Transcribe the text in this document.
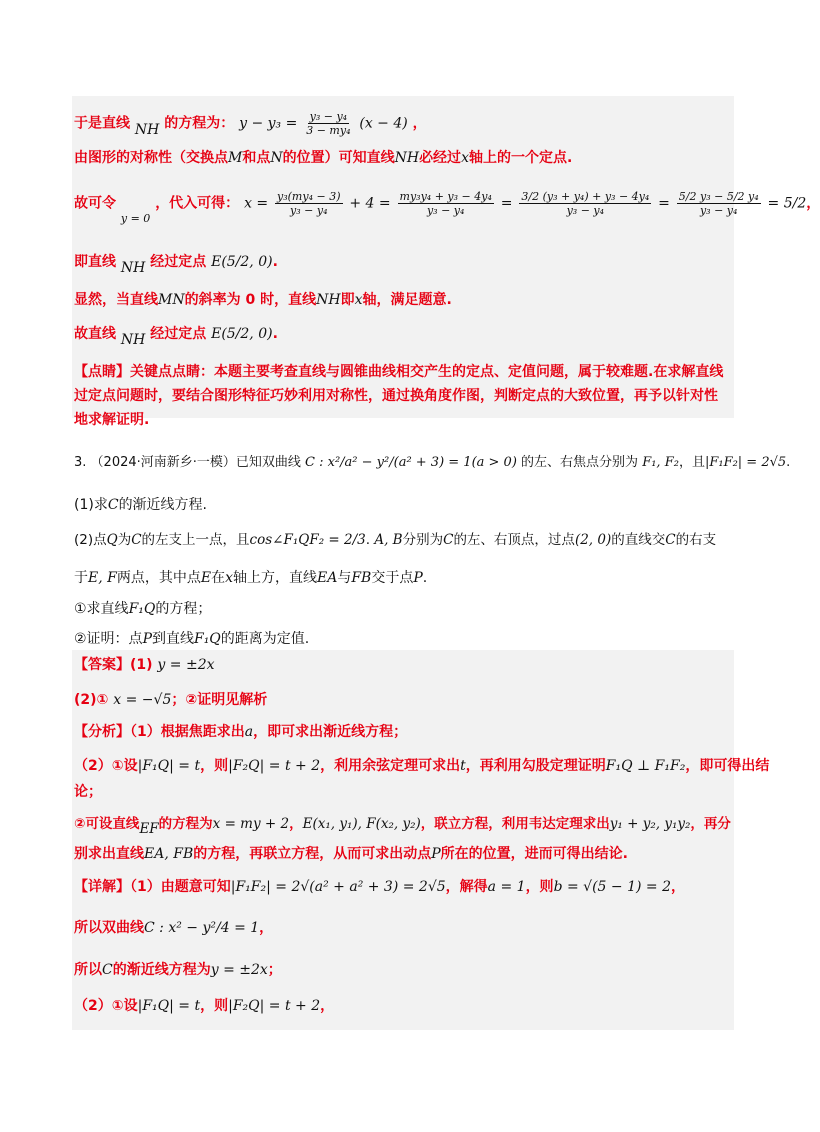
于是直线 NH 的方程为： $y - y_3 = \frac{\text{y₃ − y₄}}{\text{3 − my₄}} (x - 4)$ ，
由图形的对称性（交换点M和点N的位置）可知直线NH必经过x轴上的一个定点.
故可令 $_{y = 0}$ ，代入可得： $x = \frac{\text{y₃(my₄ − 3)}}{\text{y₃ − y₄}} + 4 = \frac{\text{my₃y₄ + y₃ − 4y₄}}{\text{y₃ − y₄}} = \frac{\text{3/2 (y₃ + y₄) + y₃ − 4y₄}}{\text{y₃ − y₄}} = \frac{\text{5/2 y₃ − 5/2 y₄}}{\text{y₃ − y₄}} = 5/2$，
即直线 NH 经过定点 E(5/2, 0).
显然，当直线MN的斜率为 0 时，直线NH即x轴，满足题意.
故直线 NH 经过定点 E(5/2, 0).
【点睛】关键点点睛：本题主要考查直线与圆锥曲线相交产生的定点、定值问题，属于较难题.在求解直线
过定点问题时，要结合图形特征巧妙利用对称性，通过换角度作图，判断定点的大致位置，再予以针对性
地求解证明.
3. （2024·河南新乡·一模）已知双曲线 C : x²/a² − y²/(a² + 3) = 1(a > 0) 的左、右焦点分别为 F₁, F₂，且|F₁F₂| = 2√5.
(1)求C的渐近线方程.
(2)点Q为C的左支上一点，且cos∠F₁QF₂ = 2/3. A, B分别为C的左、右顶点，过点(2, 0)的直线交C的右支
于E, F两点，其中点E在x轴上方，直线EA与FB交于点P.
①求直线F₁Q的方程；
②证明：点P到直线F₁Q的距离为定值.
【答案】(1) y = ±2x
(2)① x = −√5；②证明见解析
【分析】（1）根据焦距求出a，即可求出渐近线方程；
（2）①设|F₁Q| = t，则|F₂Q| = t + 2，利用余弦定理可求出t，再利用勾股定理证明F₁Q ⊥ F₁F₂，即可得出结
论；
②可设直线EF的方程为x = my + 2，E(x₁, y₁), F(x₂, y₂)，联立方程，利用韦达定理求出y₁ + y₂, y₁y₂，再分
别求出直线EA, FB的方程，再联立方程，从而可求出动点P所在的位置，进而可得出结论.
【详解】（1）由题意可知|F₁F₂| = 2√(a² + a² + 3) = 2√5，解得a = 1，则b = √(5 − 1) = 2，
所以双曲线C : x² − y²/4 = 1，
所以C的渐近线方程为y = ±2x；
（2）①设|F₁Q| = t，则|F₂Q| = t + 2，
